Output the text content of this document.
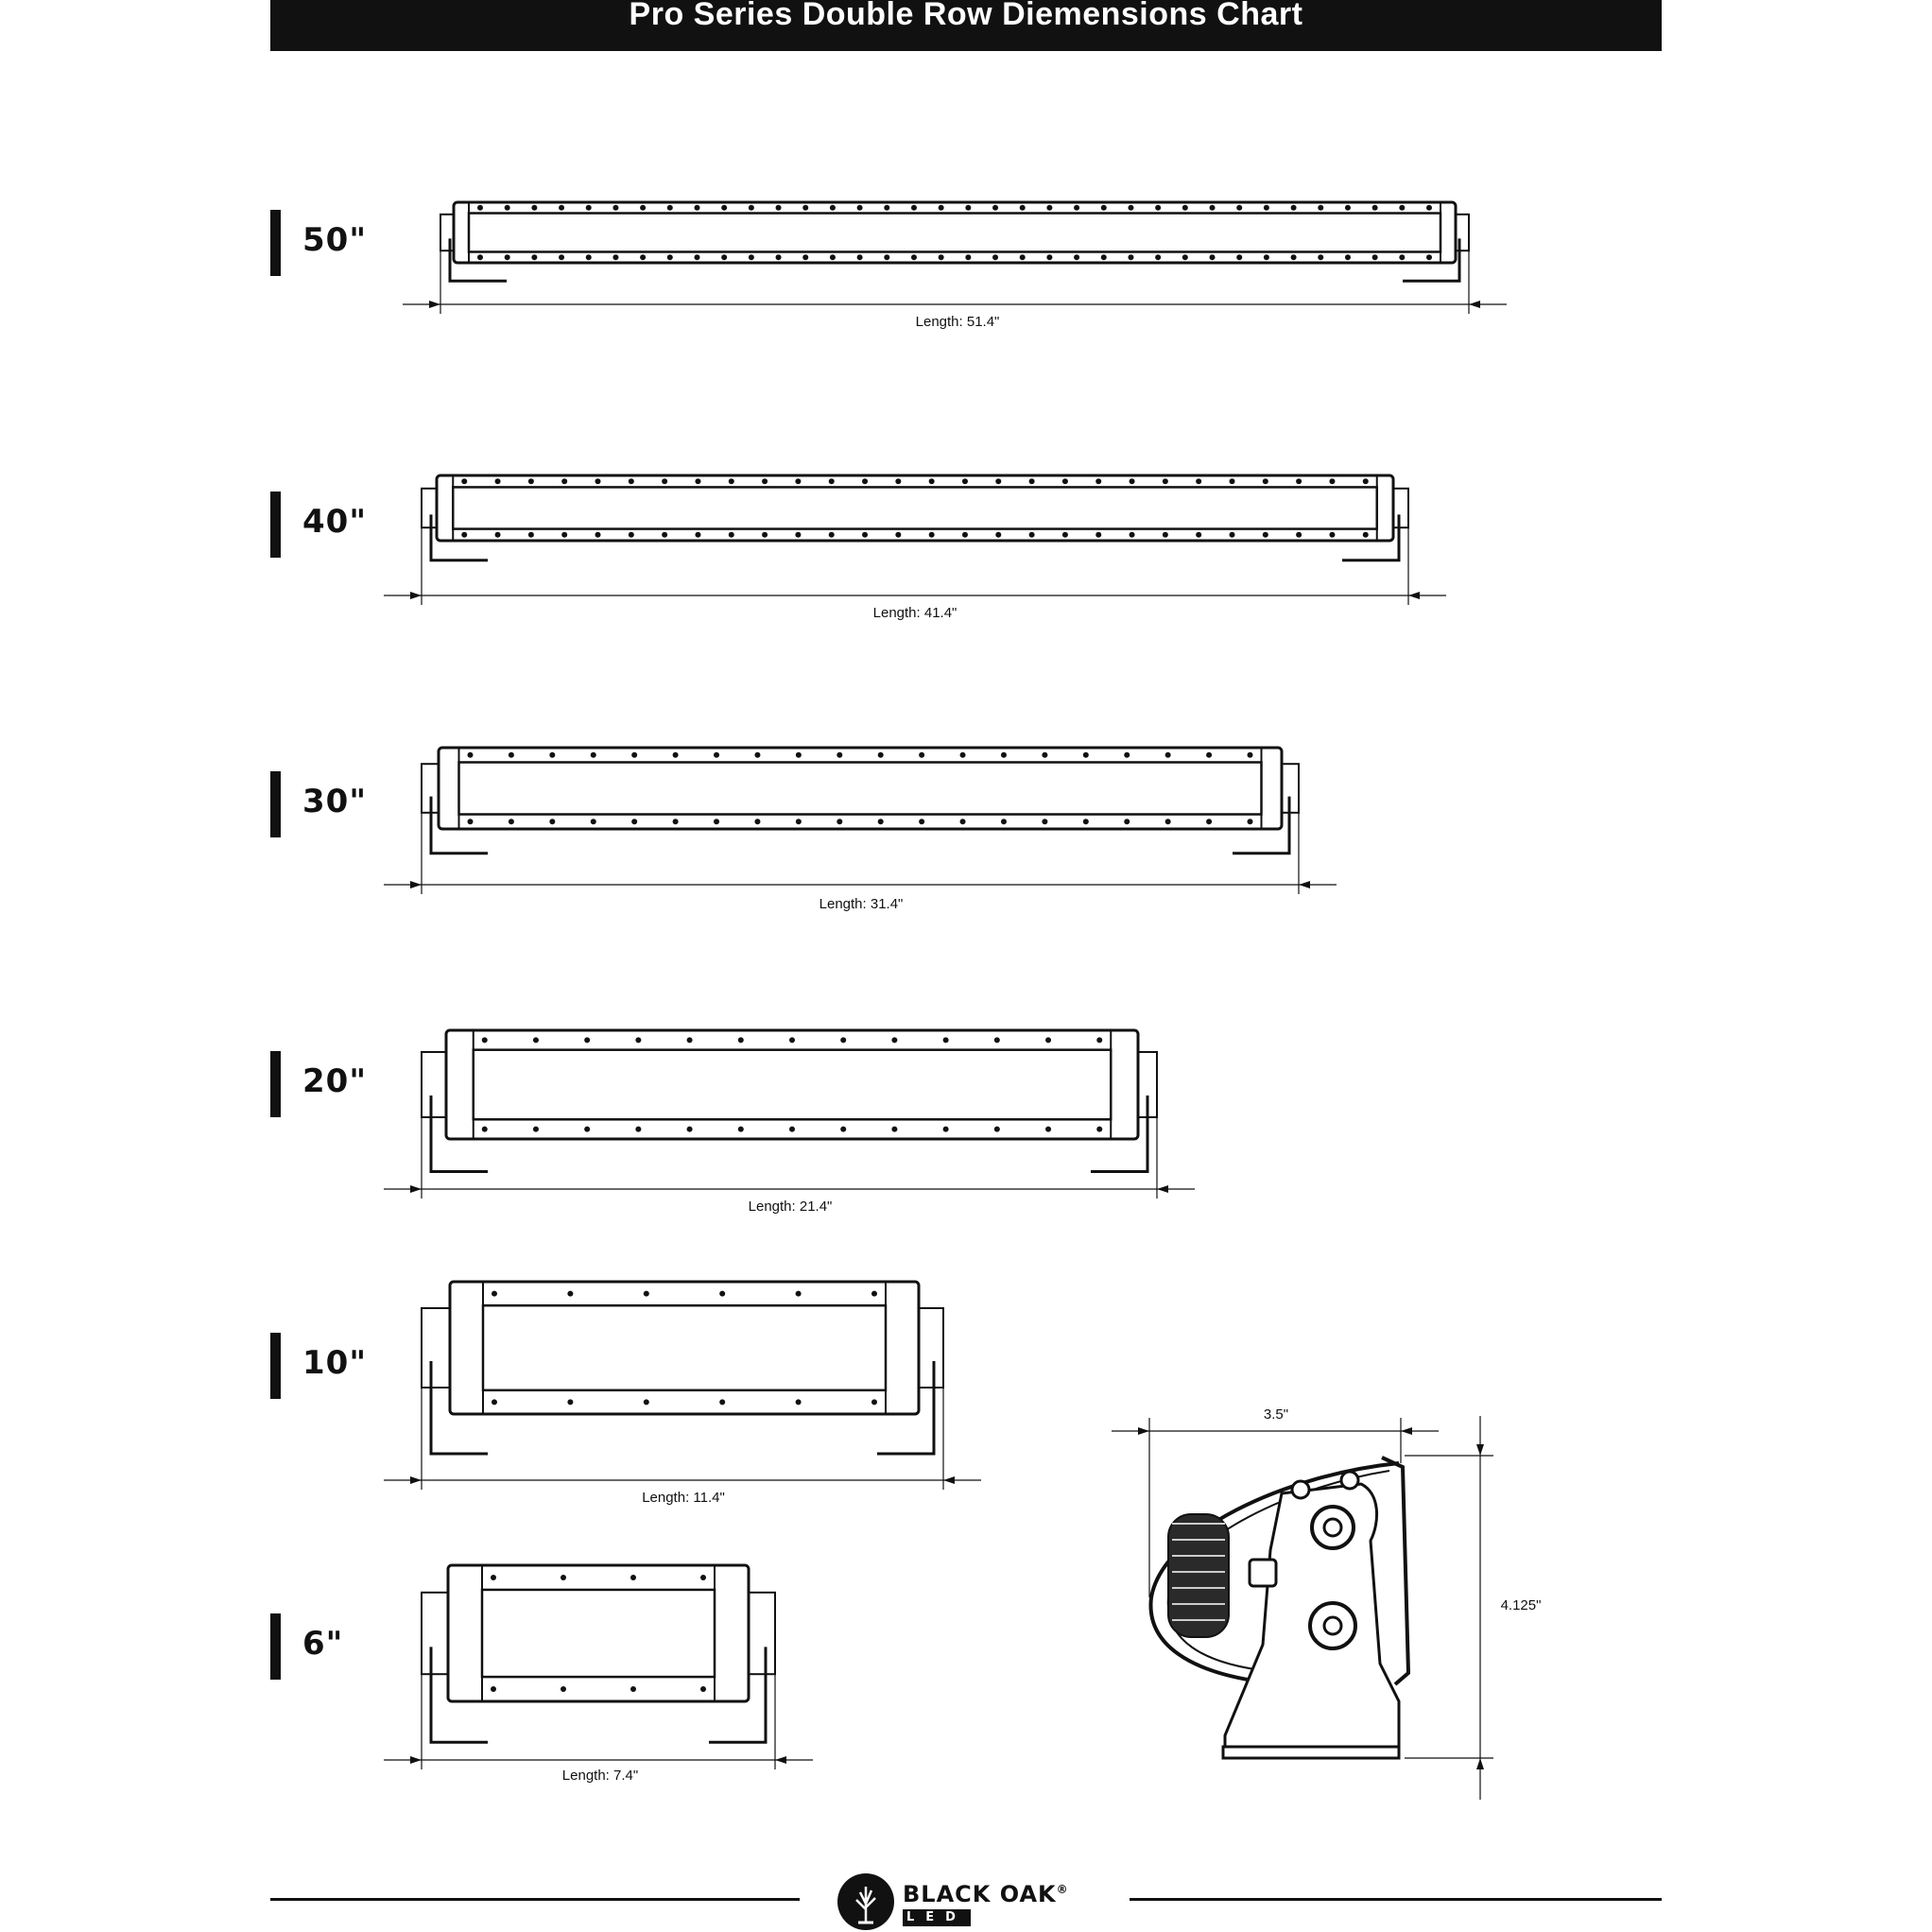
Pro Series Double Row Diemensions Chart
50"
40"
30"
20"
10"
6"
Length: 51.4"
Length: 41.4"
Length: 31.4"
Length: 21.4"
Length: 11.4"
Length: 7.4"
3.5"
4.125"
BLACK OAK®
LED
